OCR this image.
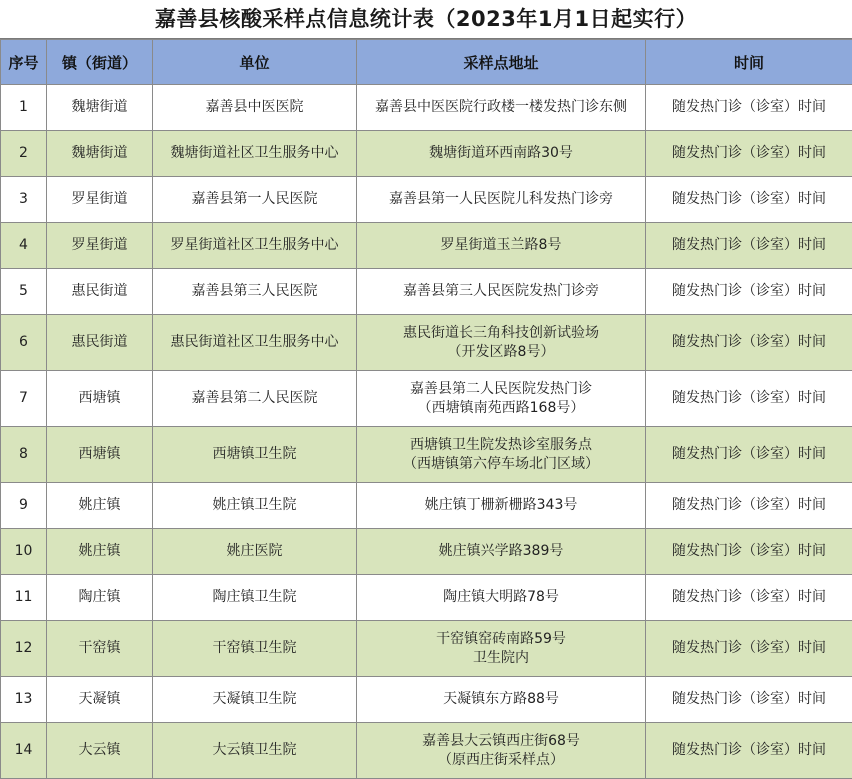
嘉善县核酸采样点信息统计表（2023年1月1日起实行）
序号	镇（街道）	单位	采样点地址	时间
1	魏塘街道	嘉善县中医医院	嘉善县中医医院行政楼一楼发热门诊东侧	随发热门诊（诊室）时间
2	魏塘街道	魏塘街道社区卫生服务中心	魏塘街道环西南路30号	随发热门诊（诊室）时间
3	罗星街道	嘉善县第一人民医院	嘉善县第一人民医院儿科发热门诊旁	随发热门诊（诊室）时间
4	罗星街道	罗星街道社区卫生服务中心	罗星街道玉兰路8号	随发热门诊（诊室）时间
5	惠民街道	嘉善县第三人民医院	嘉善县第三人民医院发热门诊旁	随发热门诊（诊室）时间
6	惠民街道	惠民街道社区卫生服务中心	惠民街道长三角科技创新试验场
（开发区路8号）	随发热门诊（诊室）时间
7	西塘镇	嘉善县第二人民医院	嘉善县第二人民医院发热门诊
（西塘镇南苑西路168号）	随发热门诊（诊室）时间
8	西塘镇	西塘镇卫生院	西塘镇卫生院发热诊室服务点
（西塘镇第六停车场北门区域）	随发热门诊（诊室）时间
9	姚庄镇	姚庄镇卫生院	姚庄镇丁栅新栅路343号	随发热门诊（诊室）时间
10	姚庄镇	姚庄医院	姚庄镇兴学路389号	随发热门诊（诊室）时间
11	陶庄镇	陶庄镇卫生院	陶庄镇大明路78号	随发热门诊（诊室）时间
12	干窑镇	干窑镇卫生院	干窑镇窑砖南路59号
卫生院内	随发热门诊（诊室）时间
13	天凝镇	天凝镇卫生院	天凝镇东方路88号	随发热门诊（诊室）时间
14	大云镇	大云镇卫生院	嘉善县大云镇西庄街68号
（原西庄街采样点）	随发热门诊（诊室）时间
